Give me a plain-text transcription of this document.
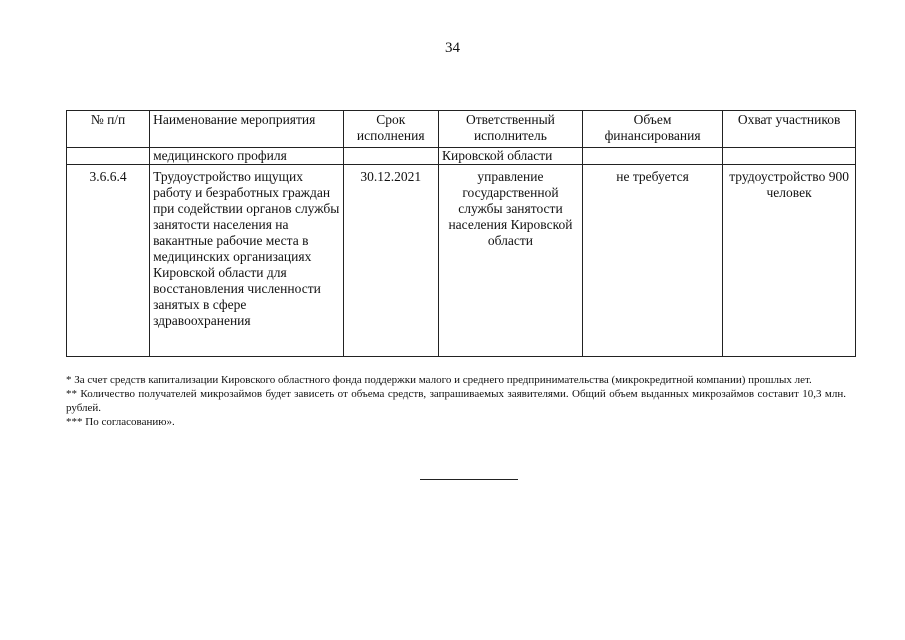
34
№ п/п	Наименование мероприятия	Срок исполнения	Ответственный исполнитель	Объем финансирования	Охват участников
	медицинского профиля		Кировской области		
3.6.6.4	Трудоустройство ищущих работу и безработных граждан при содействии органов службы занятости населения на вакантные рабочие места в медицинских организациях Кировской области для восстановления численности занятых в сфере здравоохранения	30.12.2021	управление государственной службы занятости населения Кировской области	не требуется	трудоустройство 900 человек

* За счет средств капитализации Кировского областного фонда поддержки малого и среднего предпринимательства (микрокредитной компании) прошлых лет.

** Количество получателей микрозаймов будет зависеть от объема средств, запрашиваемых заявителями. Общий объем выданных микрозаймов составит 10,3 млн. рублей.

*** По согласованию».
